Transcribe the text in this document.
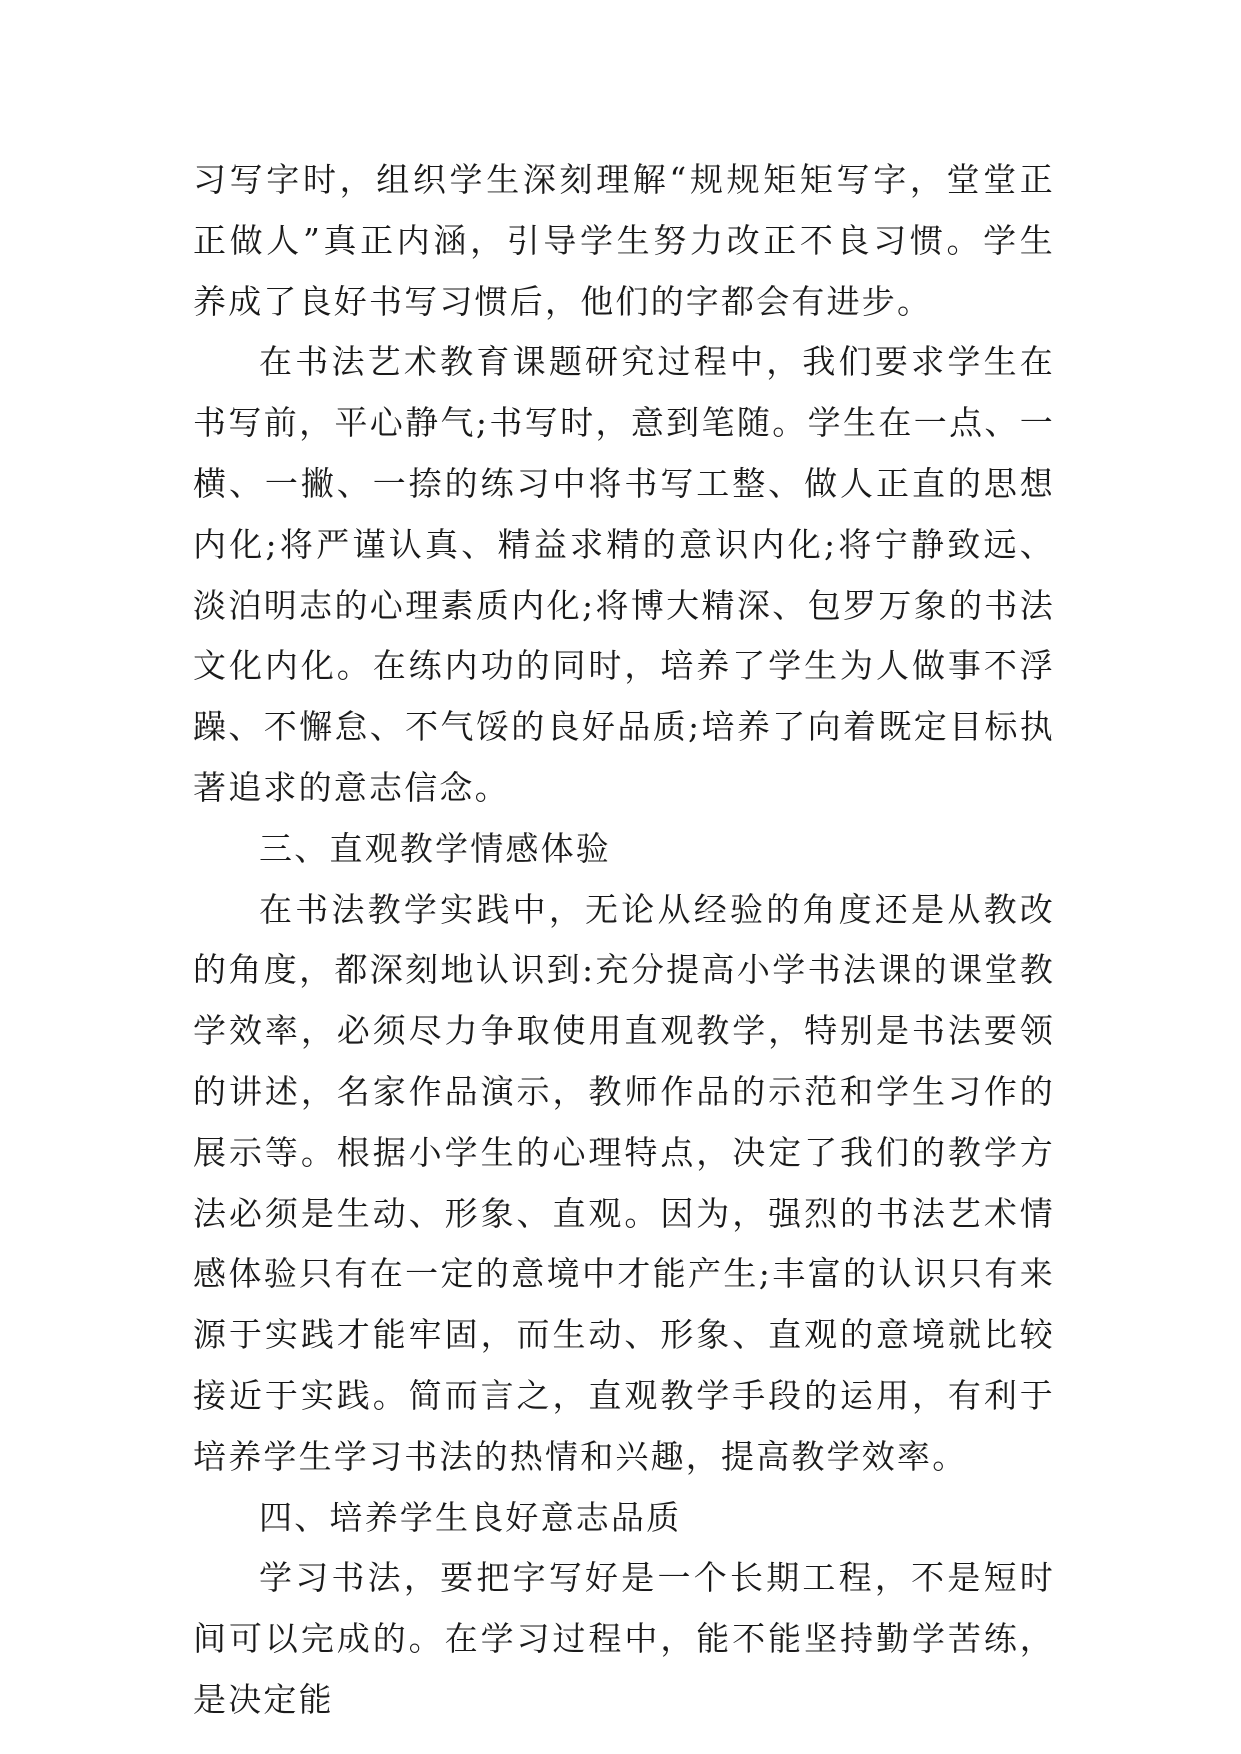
习写字时，组织学生深刻理解“规规矩矩写字，堂堂正正做人”真正内涵，引导学生努力改正不良习惯。学生养成了良好书写习惯后，他们的字都会有进步。

在书法艺术教育课题研究过程中，我们要求学生在书写前，平心静气;书写时，意到笔随。学生在一点、一横、一撇、一捺的练习中将书写工整、做人正直的思想内化;将严谨认真、精益求精的意识内化;将宁静致远、淡泊明志的心理素质内化;将博大精深、包罗万象的书法文化内化。在练内功的同时，培养了学生为人做事不浮躁、不懈怠、不气馁的良好品质;培养了向着既定目标执著追求的意志信念。

三、直观教学情感体验

在书法教学实践中，无论从经验的角度还是从教改的角度，都深刻地认识到:充分提高小学书法课的课堂教学效率，必须尽力争取使用直观教学，特别是书法要领的讲述，名家作品演示，教师作品的示范和学生习作的展示等。根据小学生的心理特点，决定了我们的教学方法必须是生动、形象、直观。因为，强烈的书法艺术情感体验只有在一定的意境中才能产生;丰富的认识只有来源于实践才能牢固，而生动、形象、直观的意境就比较接近于实践。简而言之，直观教学手段的运用，有利于培养学生学习书法的热情和兴趣，提高教学效率。

四、培养学生良好意志品质

学习书法，要把字写好是一个长期工程，不是短时间可以完成的。在学习过程中，能不能坚持勤学苦练，是决定能
